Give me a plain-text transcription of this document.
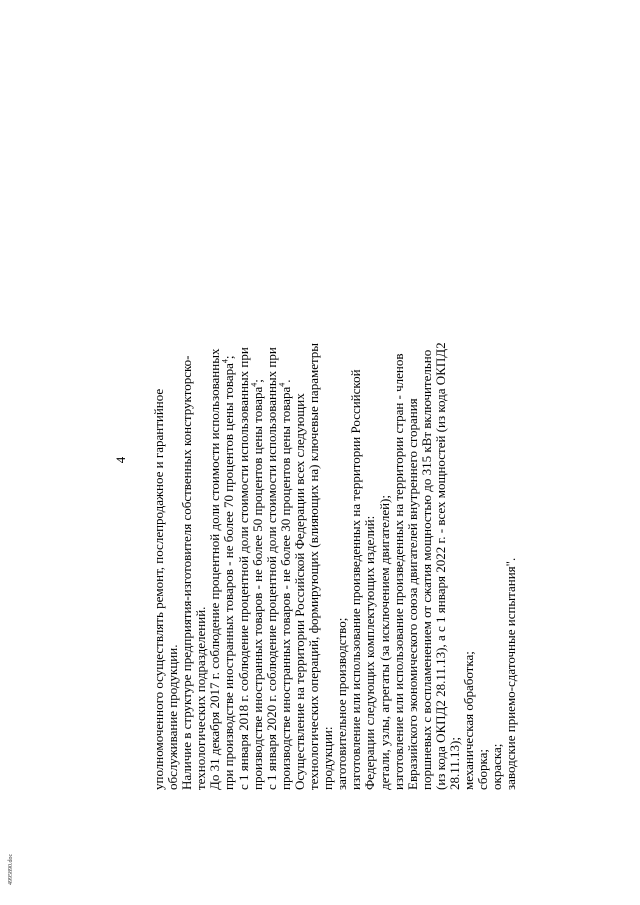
4	уполномоченного осуществлять ремонт, послепродажное и гарантийное обслуживание продукции. Наличие в структуре предприятия-изготовителя собственных конструкторско- технологических подразделений. До 31 декабря 2017 г. соблюдение процентной доли стоимости использованных при производстве иностранных товаров - не более 70 процентов цены товара$^4$; с 1 января 2018 г. соблюдение процентной доли стоимости использованных при производстве иностранных товаров - не более 50 процентов цены товара$^4$; с 1 января 2020 г. соблюдение процентной доли стоимости использованных при производстве иностранных товаров - не более 30 процентов цены товара$^4$.
Осуществление на территории Российской Федерации всех следующих технологических операций, формирующих (влияющих на) ключевые параметры продукции: заготовительное производство; изготовление или использование произведенных на территории Российской Федерации следующих комплектующих изделий: детали, узлы, агрегаты (за исключением двигателей); изготовление или использование произведенных на территории стран - членов Евразийского экономического союза двигателей внутреннего сгорания поршневых с воспламенением от сжатия мощностью до 315 кВт включительно (из кода ОКПД2 28.11.13), а с 1 января 2022 г. - всех мощностей (из кода ОКПД2 28.11.13); механическая обработка; сборка; окраска; заводские приемо-сдаточные испытания".
4995890.doc
